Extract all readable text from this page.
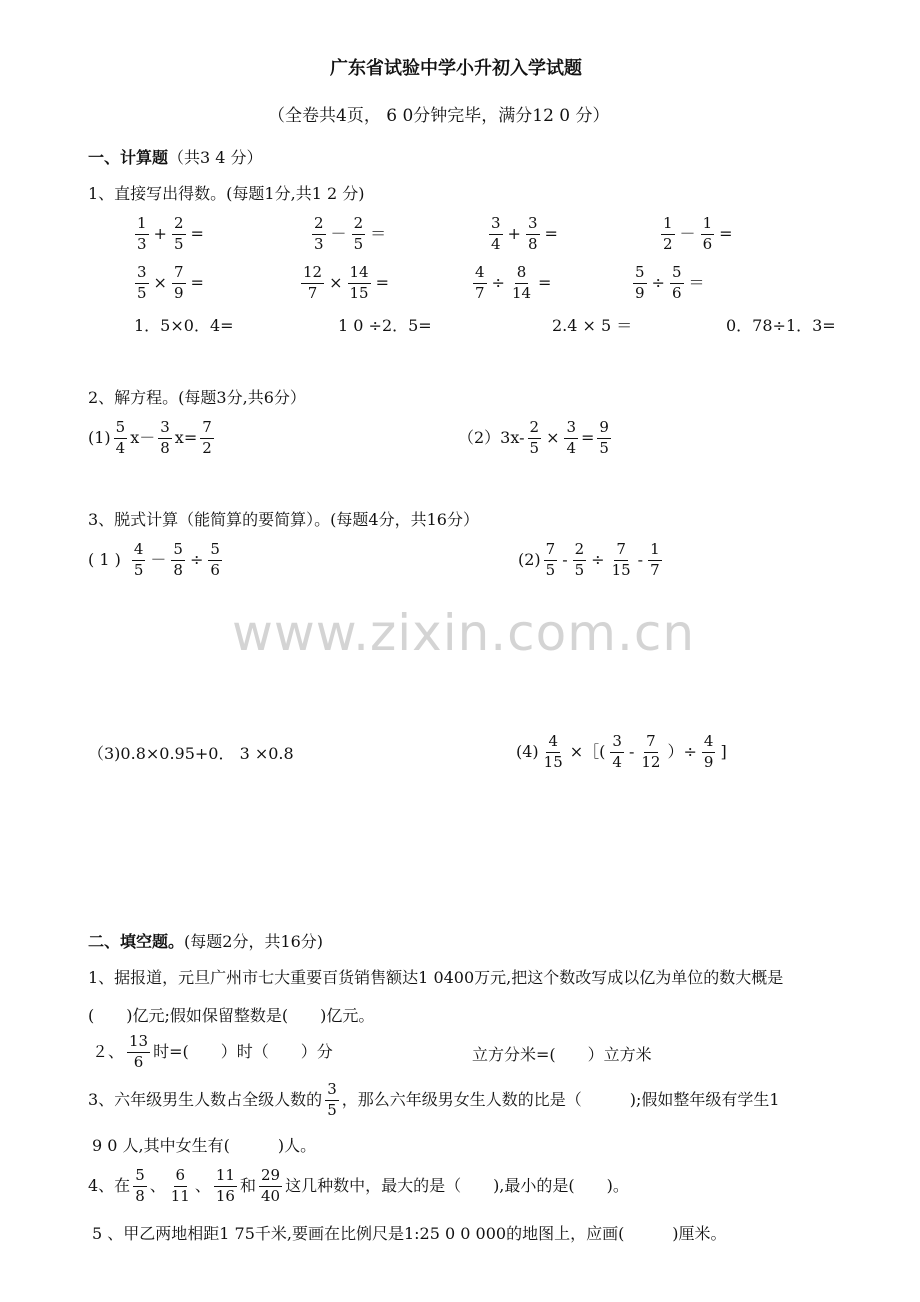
广东省试验中学小升初入学试题
（全卷共4页， 6 0分钟完毕，满分12 0 分）
一、计算题（共3 4 分）
1、直接写出得数。(每题1分,共1 2 分)
$\frac{1}{3} + \frac{2}{5}$ =	$\frac{2}{3} - \frac{2}{5}$ ＝	$\frac{3}{4} + \frac{3}{8}$ =	$\frac{1}{2} - \frac{1}{6}$ =
$\frac{3}{5} \times \frac{7}{9}$ =	$\frac{12}{7} \times \frac{14}{15}$ =	$\frac{4}{7} \div \frac{8}{14}$ =	$\frac{5}{9} \div \frac{5}{6}$ ＝
1．5×0．4=	1 0 ÷2．5=	2.4 × 5 ＝	0．78÷1．3=
2、解方程。(每题3分,共6分）
$(1) \frac{5}{4} x- \frac{3}{8} x= \frac{7}{2}$	$(2)3x- \frac{2}{5} \times \frac{3}{4} = \frac{9}{5}$
3、脱式计算（能简算的要简算）。(每题4分，共16分）
( 1 ) $\frac{4}{5} - \frac{5}{8} \div \frac{5}{6}$	$(2) \frac{7}{5} - \frac{2}{5} \div \frac{7}{15} - \frac{1}{7}$
www.zixin.com.cn
（3)0.8×0.95+0． 3 ×0.8	$(4) \frac{4}{15}$ ×［( $\frac{3}{4} - \frac{7}{12}$ ）÷ $\frac{4}{9}$ ]
二、填空题。(每题2分，共16分)
1、据报道，元旦广州市七大重要百货销售额达1 0400万元,把这个数改写成以亿为单位的数大概是
(　　)亿元;假如保留整数是(　　)亿元。
２、 $\frac{13}{6}$ 时=(　　）时（　　）分	立方分米=(　　）立方米
3、六年级男生人数占全级人数的 $\frac{3}{5}$ ，那么六年级男女生人数的比是（　　　);假如整年级有学生1
9 0 人,其中女生有(　　　)人。
4、在 $\frac{5}{8}$ 、 $\frac{6}{11}$ 、 $\frac{11}{16}$ 和 $\frac{29}{40}$ 这几种数中，最大的是（　　),最小的是(　　)。
5 、甲乙两地相距1 75千米,要画在比例尺是1:25 0 0 000的地图上，应画(　　　)厘米。
